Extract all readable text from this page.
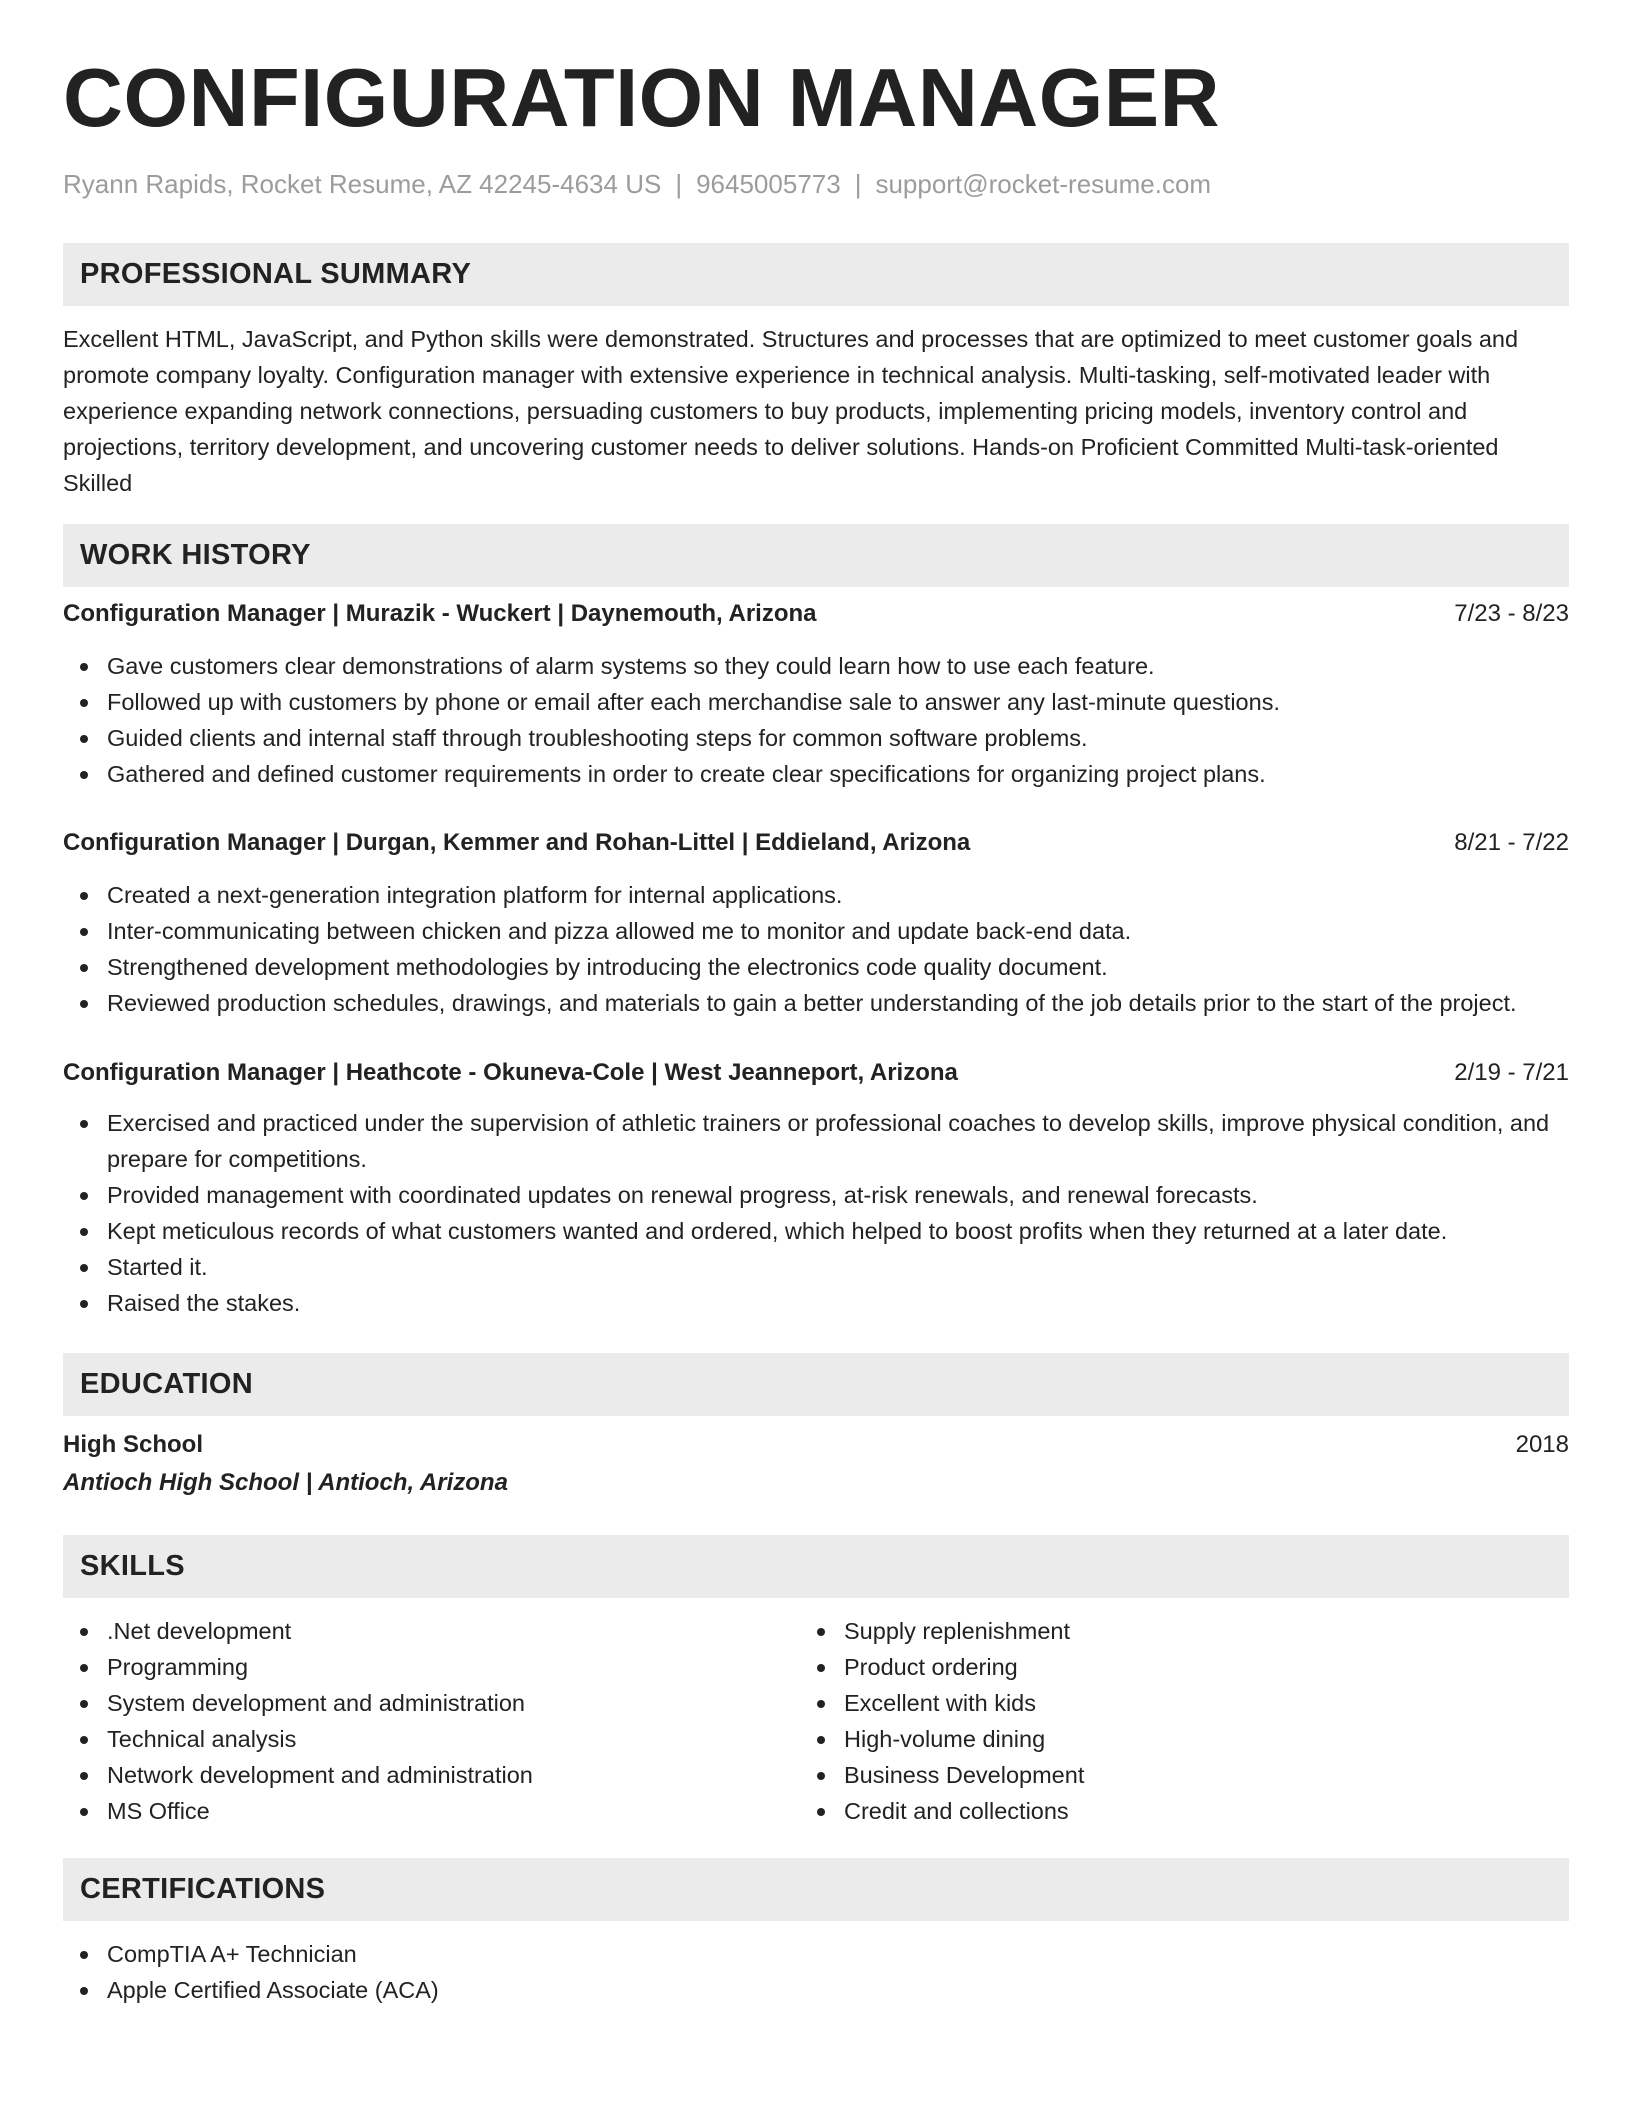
CONFIGURATION MANAGER
Ryann Rapids, Rocket Resume, AZ 42245-4634 US | 9645005773 | support@rocket-resume.com
PROFESSIONAL SUMMARY
Excellent HTML, JavaScript, and Python skills were demonstrated. Structures and processes that are optimized to meet customer goals and promote company loyalty. Configuration manager with extensive experience in technical analysis. Multi-tasking, self-motivated leader with experience expanding network connections, persuading customers to buy products, implementing pricing models, inventory control and projections, territory development, and uncovering customer needs to deliver solutions. Hands-on Proficient Committed Multi-task-oriented Skilled
WORK HISTORY
Configuration Manager | Murazik - Wuckert | Daynemouth, Arizona	7/23 - 8/23
Gave customers clear demonstrations of alarm systems so they could learn how to use each feature.
Followed up with customers by phone or email after each merchandise sale to answer any last-minute questions.
Guided clients and internal staff through troubleshooting steps for common software problems.
Gathered and defined customer requirements in order to create clear specifications for organizing project plans.
Configuration Manager | Durgan, Kemmer and Rohan-Littel | Eddieland, Arizona	8/21 - 7/22
Created a next-generation integration platform for internal applications.
Inter-communicating between chicken and pizza allowed me to monitor and update back-end data.
Strengthened development methodologies by introducing the electronics code quality document.
Reviewed production schedules, drawings, and materials to gain a better understanding of the job details prior to the start of the project.
Configuration Manager | Heathcote - Okuneva-Cole | West Jeanneport, Arizona	2/19 - 7/21
Exercised and practiced under the supervision of athletic trainers or professional coaches to develop skills, improve physical condition, and prepare for competitions.
Provided management with coordinated updates on renewal progress, at-risk renewals, and renewal forecasts.
Kept meticulous records of what customers wanted and ordered, which helped to boost profits when they returned at a later date.
Started it.
Raised the stakes.
EDUCATION
High School	2018
Antioch High School | Antioch, Arizona
SKILLS
.Net development
Programming
System development and administration
Technical analysis
Network development and administration
MS Office
Supply replenishment
Product ordering
Excellent with kids
High-volume dining
Business Development
Credit and collections
CERTIFICATIONS
CompTIA A+ Technician
Apple Certified Associate (ACA)
